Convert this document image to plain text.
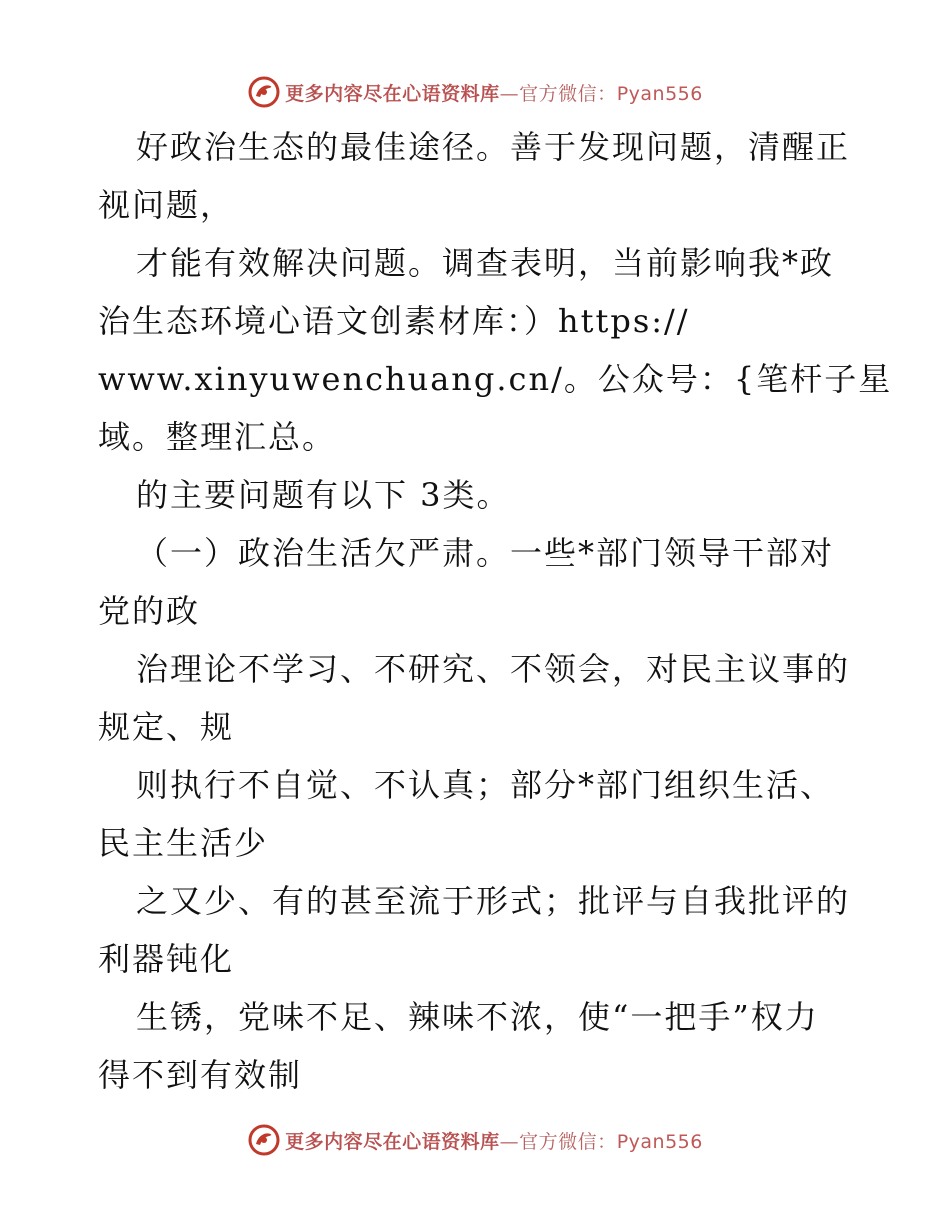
更多内容尽在心语资料库—官方微信：Pyan556
好政治生态的最佳途径。善于发现问题，清醒正
视问题，
才能有效解决问题。调查表明，当前影响我*政
治生态环境心语文创素材库：）https://
www.xinyuwenchuang.cn/。公众号：{笔杆子星
域。整理汇总。
的主要问题有以下 3类。
（一）政治生活欠严肃。一些*部门领导干部对
党的政
治理论不学习、不研究、不领会，对民主议事的
规定、规
则执行不自觉、不认真；部分*部门组织生活、
民主生活少
之又少、有的甚至流于形式；批评与自我批评的
利器钝化
生锈，党味不足、辣味不浓，使“一把手”权力
得不到有效制
更多内容尽在心语资料库—官方微信：Pyan556
